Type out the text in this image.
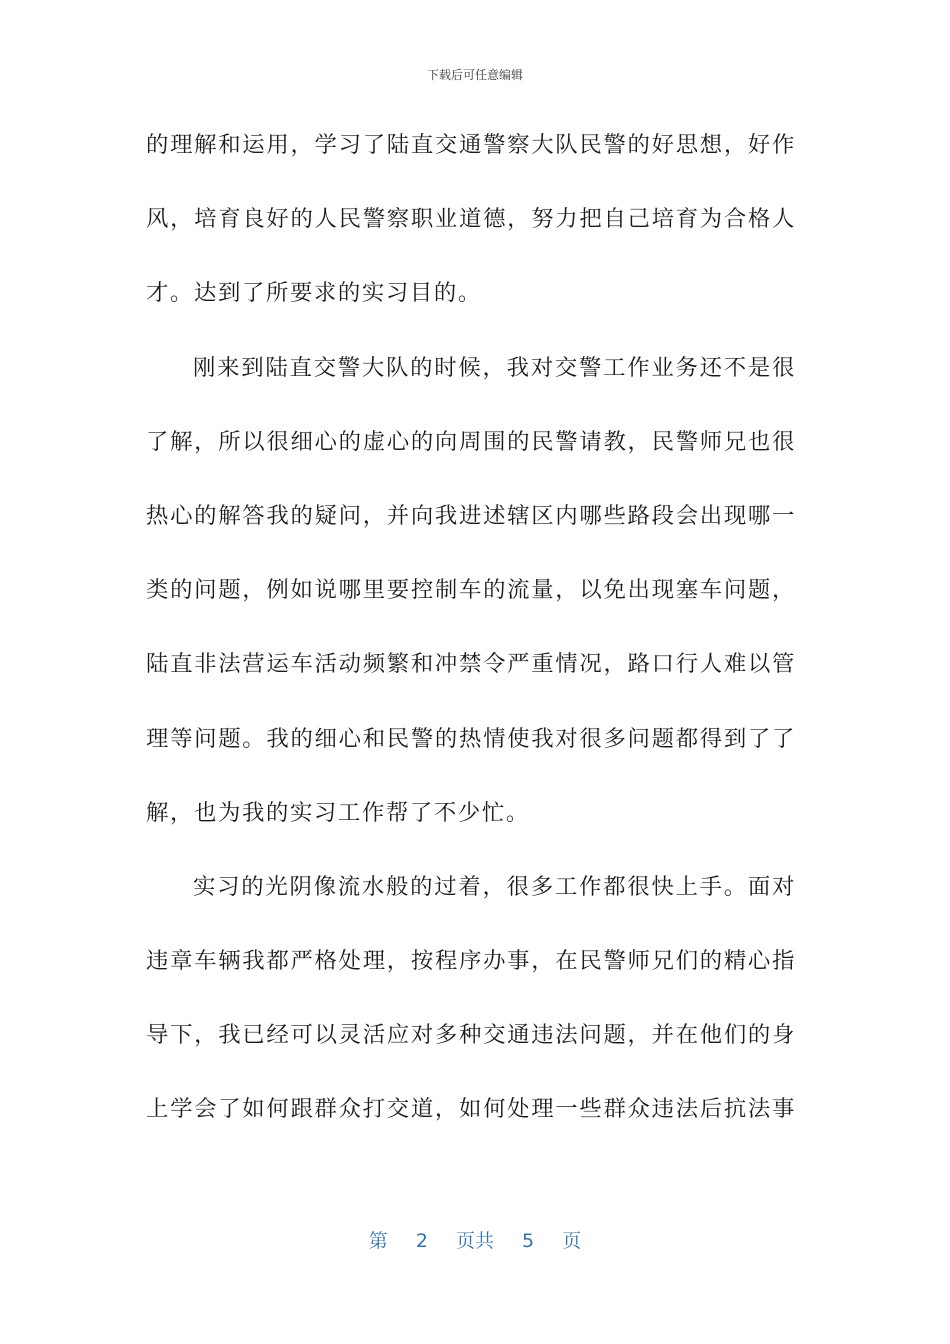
下载后可任意编辑
的理解和运用，学习了陆直交通警察大队民警的好思想，好作
风，培育良好的人民警察职业道德，努力把自己培育为合格人
才。达到了所要求的实习目的。
刚来到陆直交警大队的时候，我对交警工作业务还不是很
了解，所以很细心的虚心的向周围的民警请教，民警师兄也很
热心的解答我的疑问，并向我进述辖区内哪些路段会出现哪一
类的问题，例如说哪里要控制车的流量，以免出现塞车问题，
陆直非法营运车活动频繁和冲禁令严重情况，路口行人难以管
理等问题。我的细心和民警的热情使我对很多问题都得到了了
解，也为我的实习工作帮了不少忙。
实习的光阴像流水般的过着，很多工作都很快上手。面对
违章车辆我都严格处理，按程序办事，在民警师兄们的精心指
导下，我已经可以灵活应对多种交通违法问题，并在他们的身
上学会了如何跟群众打交道，如何处理一些群众违法后抗法事
第 2 页共 5 页
